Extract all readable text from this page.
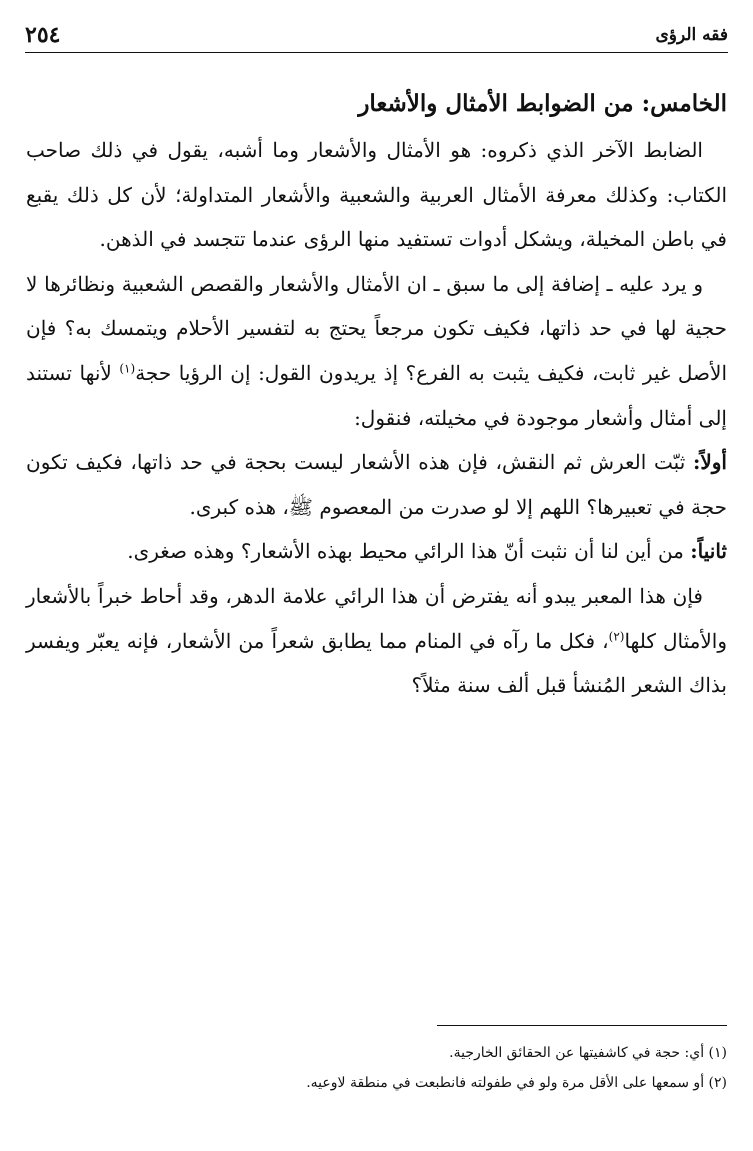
فقه الرؤى
٢٥٤

الخامس: من الضوابط الأمثال والأشعار

الضابط الآخر الذي ذكروه: هو الأمثال والأشعار وما أشبه، يقول في ذلك صاحب الكتاب: وكذلك معرفة الأمثال العربية والشعبية والأشعار المتداولة؛ لأن كل ذلك يقبع في باطن المخيلة، ويشكل أدوات تستفيد منها الرؤى عندما تتجسد في الذهن.

و يرد عليه ـ إضافة إلى ما سبق ـ ان الأمثال والأشعار والقصص الشعبية ونظائرها لا حجية لها في حد ذاتها، فكيف تكون مرجعاً يحتج به لتفسير الأحلام ويتمسك به؟ فإن الأصل غير ثابت، فكيف يثبت به الفرع؟ إذ يريدون القول: إن الرؤيا حجة$^{(١)}$ لأنها تستند إلى أمثال وأشعار موجودة في مخيلته، فنقول:

أولاً: ثبّت العرش ثم النقش، فإن هذه الأشعار ليست بحجة في حد ذاتها، فكيف تكون حجة في تعبيرها؟ اللهم إلا لو صدرت من المعصوم ﷺ، هذه كبرى.

ثانياً: من أين لنا أن نثبت أنّ هذا الرائي محيط بهذه الأشعار؟ وهذه صغرى.

فإن هذا المعبر يبدو أنه يفترض أن هذا الرائي علامة الدهر، وقد أحاط خبراً بالأشعار والأمثال كلها$^{(٢)}$، فكل ما رآه في المنام مما يطابق شعراً من الأشعار، فإنه يعبّر ويفسر بذاك الشعر المُنشأ قبل ألف سنة مثلاً؟

(١) أي: حجة في كاشفيتها عن الحقائق الخارجية.

(٢) أو سمعها على الأقل مرة ولو في طفولته فانطبعت في منطقة لاوعيه.
